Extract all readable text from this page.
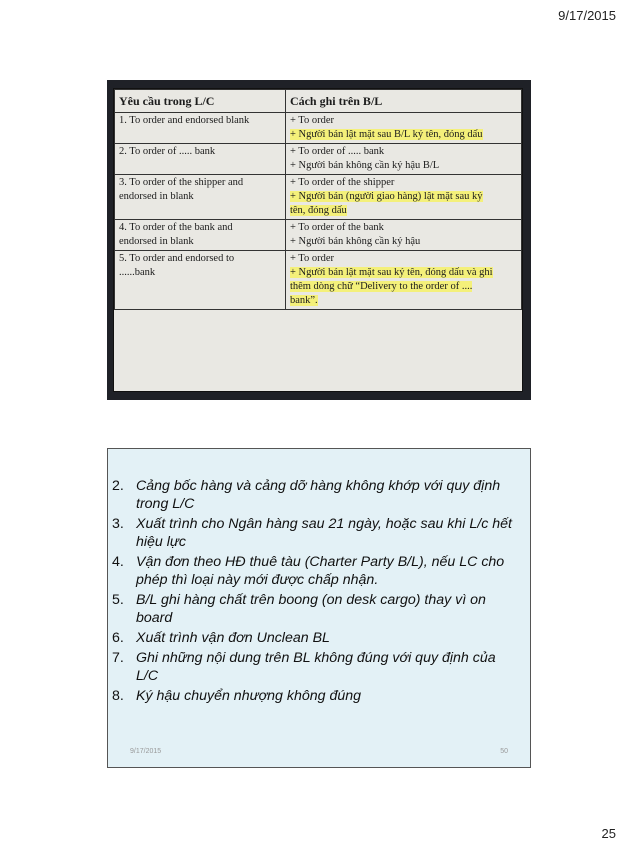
9/17/2015
Yêu cầu trong L/C	Cách ghi trên B/L

1. To order and endorsed blank	+ To order
+ Người bán lật mặt sau B/L ký tên, đóng dấu

2. To order of ..... bank	+ To order of ..... bank
+ Người bán không cần ký hậu B/L

3. To order of the shipper and
endorsed in blank	+ To order of the shipper
+ Người bán (người giao hàng) lật mặt sau ký
tên, đóng dấu

4. To order of the bank and
endorsed in blank	+ To order of the bank
+ Người bán không cần ký hậu

5. To order and endorsed to
......bank	+ To order
+ Người bán lật mặt sau ký tên, đóng dấu và ghi
thêm dòng chữ “Delivery to the order of ....
bank”.
2. Cảng bốc hàng và cảng dỡ hàng không khớp với quy định trong L/C
3. Xuất trình cho Ngân hàng sau 21 ngày, hoặc sau khi L/c hết hiệu lực
4. Vận đơn theo HĐ thuê tàu (Charter Party B/L), nếu LC cho phép thì loại này mới được chấp nhận.
5. B/L ghi hàng chất trên boong (on desk cargo) thay vì on board
6. Xuất trình vận đơn Unclean BL
7. Ghi những nội dung trên BL không đúng với quy định của L/C
8. Ký hậu chuyển nhượng không đúng
9/17/2015	50
25
